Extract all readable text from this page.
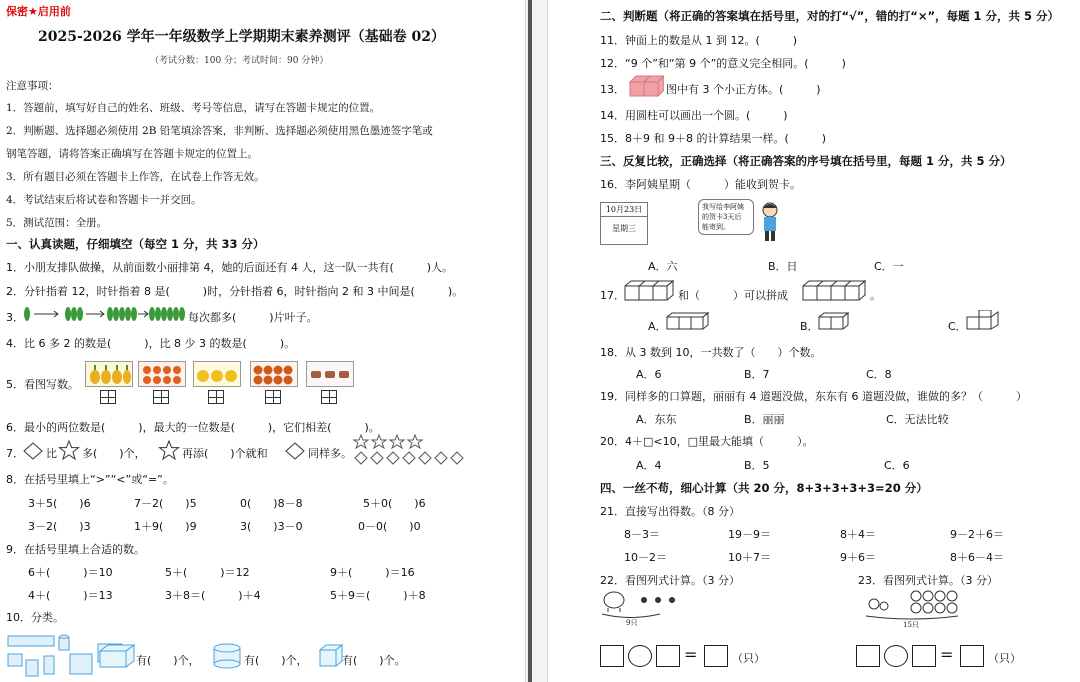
保密★启用前
2025-2026 学年一年级数学上学期期末素养测评（基础卷 02）
（考试分数：100 分；考试时间：90 分钟）
注意事项：
1．答题前，填写好自己的姓名、班级、考号等信息，请写在答题卡规定的位置。
2．判断题、选择题必须使用 2B 铅笔填涂答案，非判断、选择题必须使用黑色墨迹签字笔或
钢笔答题，请将答案正确填写在答题卡规定的位置上。
3．所有题目必须在答题卡上作答，在试卷上作答无效。
4．考试结束后将试卷和答题卡一并交回。
5．测试范围：全册。
一、认真读题，仔细填空（每空 1 分，共 33 分）
1．小朋友排队做操，从前面数小丽排第 4，她的后面还有 4 人，这一队一共有(　　　)人。
2．分针指着 12，时针指着 8 是(　　　)时，分针指着 6，时针指向 2 和 3 中间是(　　　)。
3．	每次都多(　　　)片叶子。
4．比 6 多 2 的数是(　　　)，比 8 少 3 的数是(　　　)。
5．看图写数。
6．最小的两位数是(　　　)，最大的一位数是(　　　)，它们相差(　　　)。
7． 比 多(　　)个，	再添(　　)个就和	同样多。
8．在括号里填上“>”“<”或“=”。
3＋5(　　)6	7－2(　　)5	0(　　)8－8	5＋0(　　)6
3－2(　　)3	1＋9(　　)9	3(　　)3－0	0－0(　　)0
9．在括号里填上合适的数。
6＋(　　　)＝10	5＋(　　　)＝12	9＋(　　　)＝16
4＋(　　　)＝13	3＋8＝(　　　)＋4	5＋9＝(　　　)＋8
10．分类。
有(　　)个，	有(　　)个，	有(　　)个。
二、判断题（将正确的答案填在括号里，对的打“√”，错的打“×”，每题 1 分，共 5 分）
11．钟面上的数是从 1 到 12。(　　　)
12．“9 个”和“第 9 个”的意义完全相同。(　　　)
13．	图中有 3 个小正方体。(　　　)
14．用圆柱可以画出一个圆。(　　　)
15．8＋9 和 9＋8 的计算结果一样。(　　　)
三、反复比较，正确选择（将正确答案的序号填在括号里，每题 1 分，共 5 分）
16．李阿姨星期（　　　）能收到贺卡。
10月23日
星期三
我写给李阿姨
的贺卡3天后
能寄到。
A．六	B．日	C．一
17．	和（　　　）可以拼成	。
A．	B．	C．
18．从 3 数到 10，一共数了（　　）个数。
A．6	B．7	C．8
19．同样多的口算题，丽丽有 4 道题没做，东东有 6 道题没做，谁做的多？（　　　）
A．东东	B．丽丽	C．无法比较
20．4＋□<10，□里最大能填（　　　）。
A．4	B．5	C．6
四、一丝不苟，细心计算（共 20 分，8+3+3+3+3=20 分）
21．直接写出得数。（8 分）
8－3＝	19－9＝	8＋4＝	9－2＋6＝
10－2＝	10＋7＝	9＋6＝	8＋6－4＝
22．看图列式计算。（3 分）	23．看图列式计算。（3 分）
9只	15只
=	（只）	=	（只）
